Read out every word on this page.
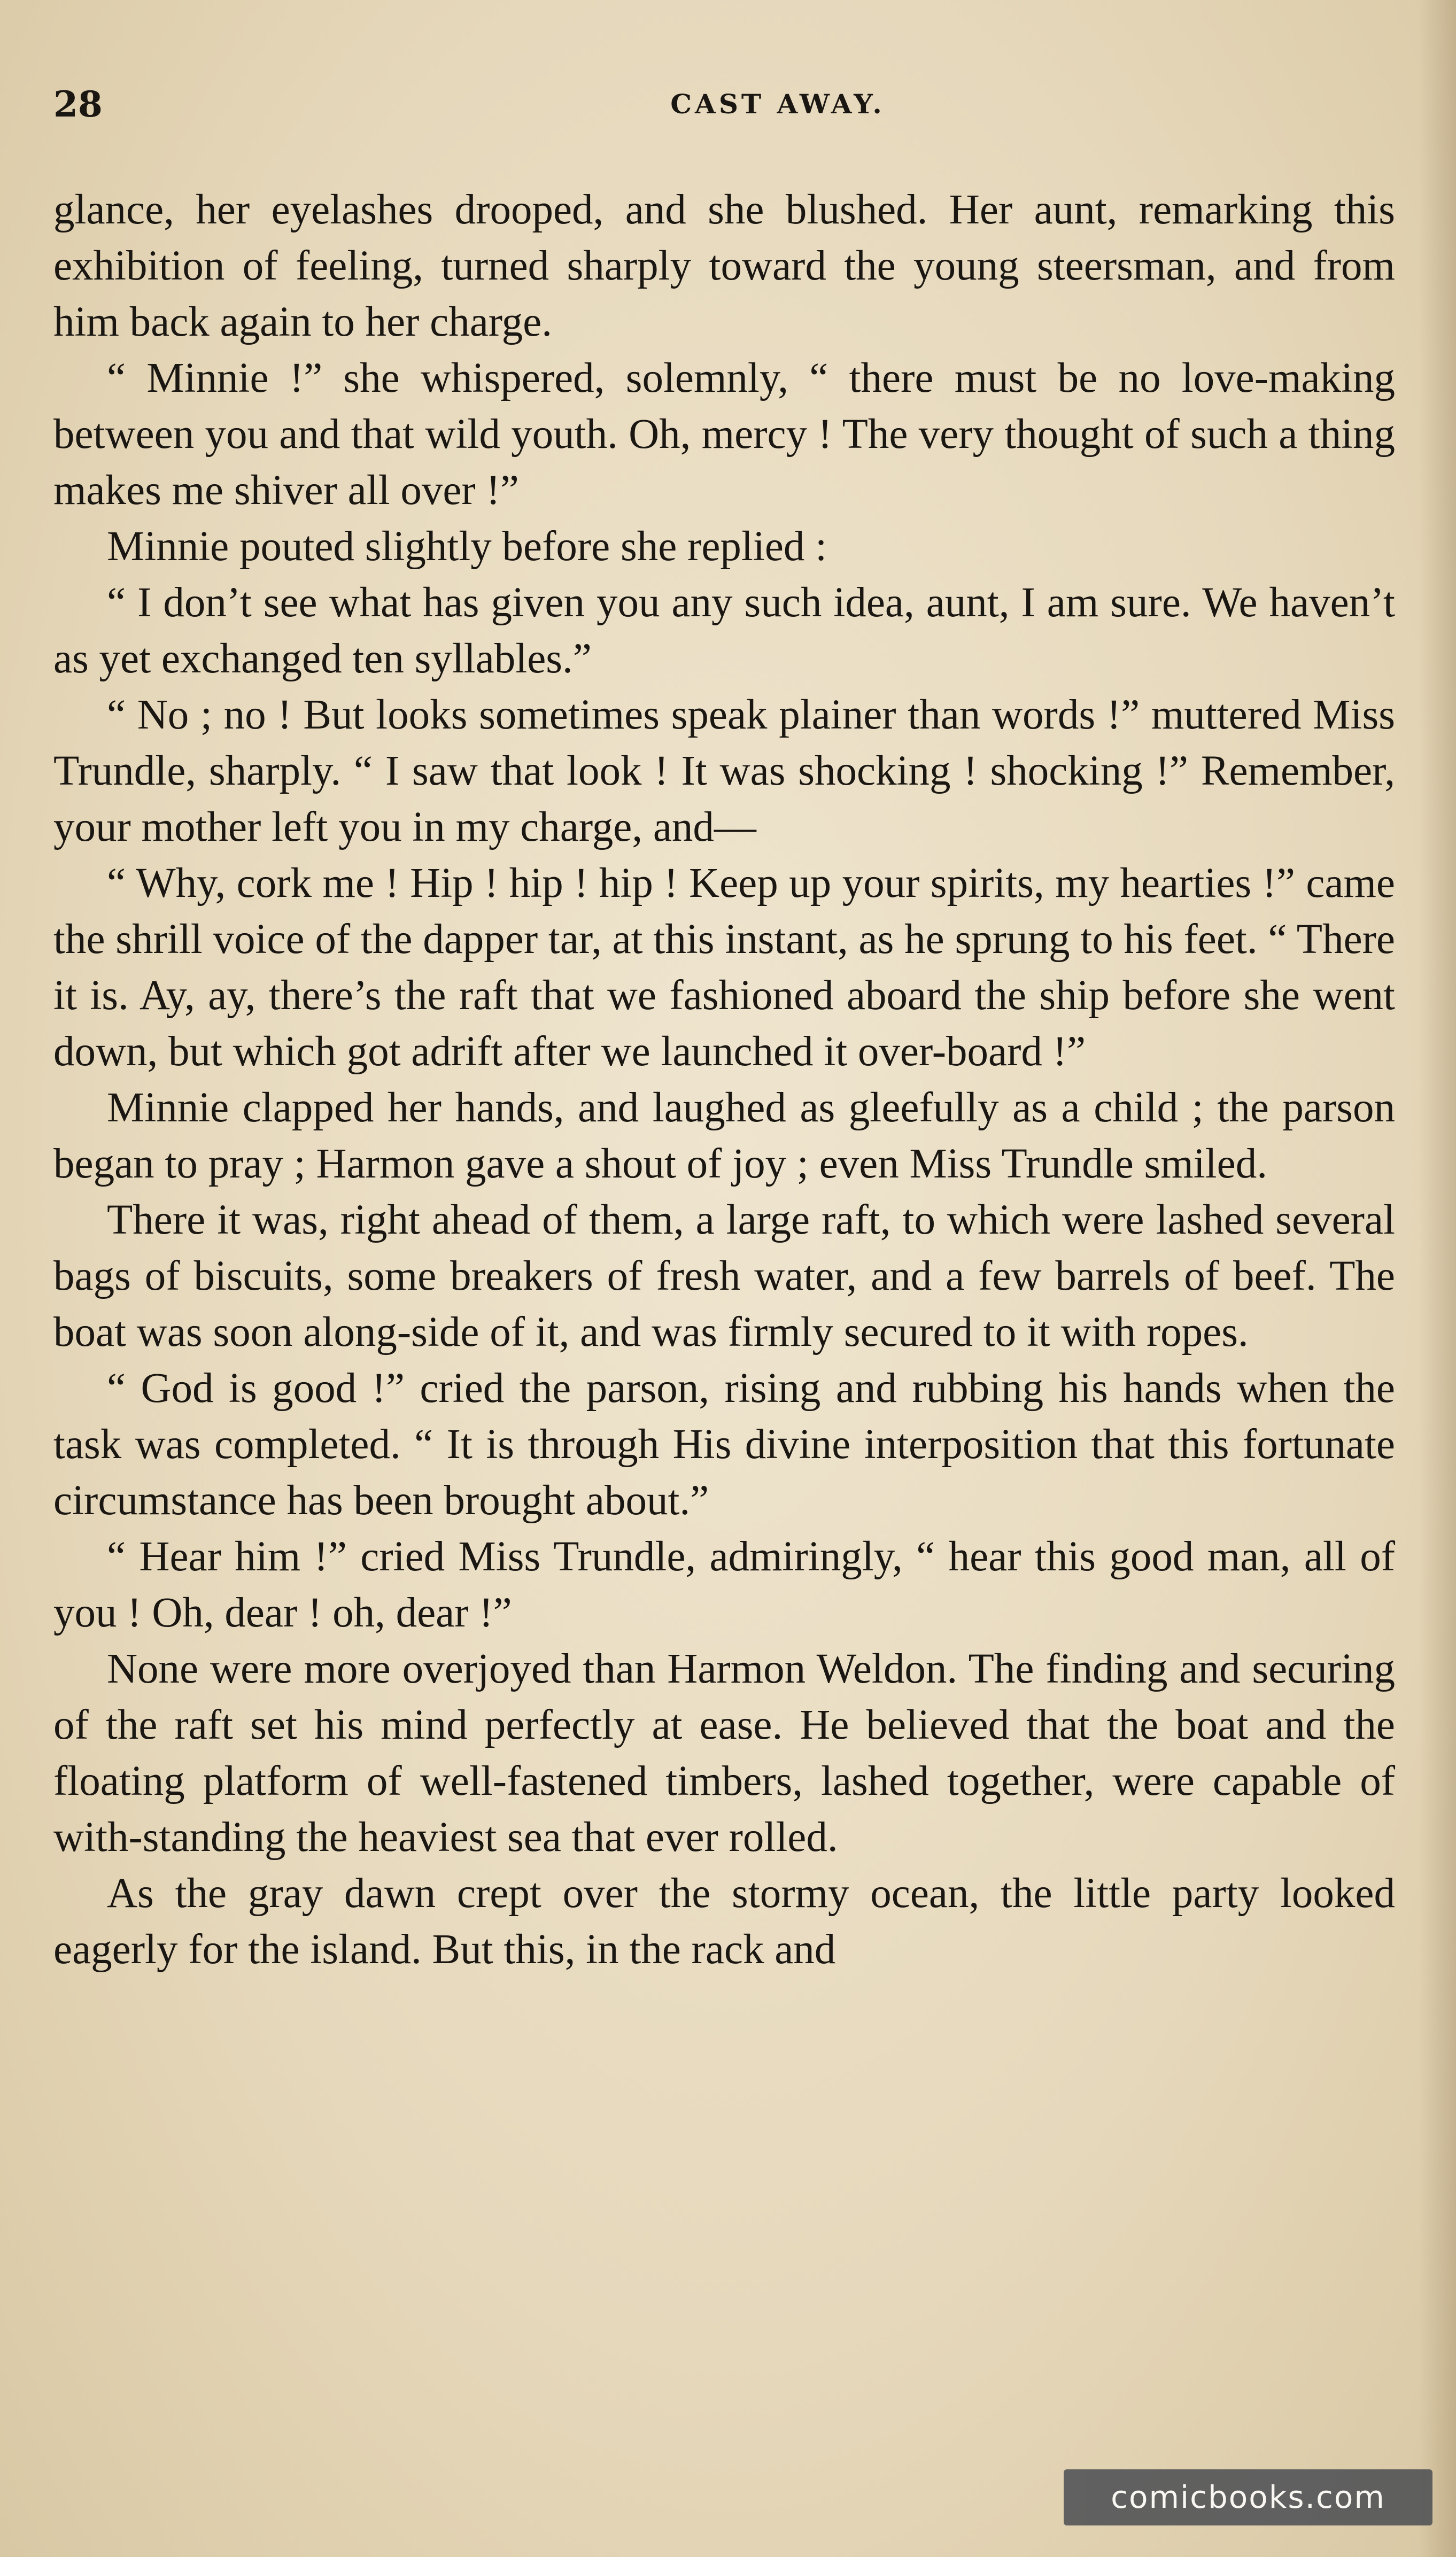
28	CAST AWAY.

glance, her eyelashes drooped, and she blushed. Her aunt, remarking this exhibition of feeling, turned sharply toward the young steersman, and from him back again to her charge.

“ Minnie !” she whispered, solemnly, “ there must be no love-making between you and that wild youth. Oh, mercy ! The very thought of such a thing makes me shiver all over !”

Minnie pouted slightly before she replied :

“ I don’t see what has given you any such idea, aunt, I am sure. We haven’t as yet exchanged ten syllables.”

“ No ; no ! But looks sometimes speak plainer than words !” muttered Miss Trundle, sharply. “ I saw that look ! It was shocking ! shocking !” Remember, your mother left you in my charge, and—

“ Why, cork me ! Hip ! hip ! hip ! Keep up your spirits, my hearties !” came the shrill voice of the dapper tar, at this instant, as he sprung to his feet. “ There it is. Ay, ay, there’s the raft that we fashioned aboard the ship before she went down, but which got adrift after we launched it over-board !”

Minnie clapped her hands, and laughed as gleefully as a child ; the parson began to pray ; Harmon gave a shout of joy ; even Miss Trundle smiled.

There it was, right ahead of them, a large raft, to which were lashed several bags of biscuits, some breakers of fresh water, and a few barrels of beef. The boat was soon along-side of it, and was firmly secured to it with ropes.

“ God is good !” cried the parson, rising and rubbing his hands when the task was completed. “ It is through His divine interposition that this fortunate circumstance has been brought about.”

“ Hear him !” cried Miss Trundle, admiringly, “ hear this good man, all of you ! Oh, dear ! oh, dear !”

None were more overjoyed than Harmon Weldon. The finding and securing of the raft set his mind perfectly at ease. He believed that the boat and the floating platform of well-fastened timbers, lashed together, were capable of with-standing the heaviest sea that ever rolled.

As the gray dawn crept over the stormy ocean, the little party looked eagerly for the island. But this, in the rack and

comicbooks.com
